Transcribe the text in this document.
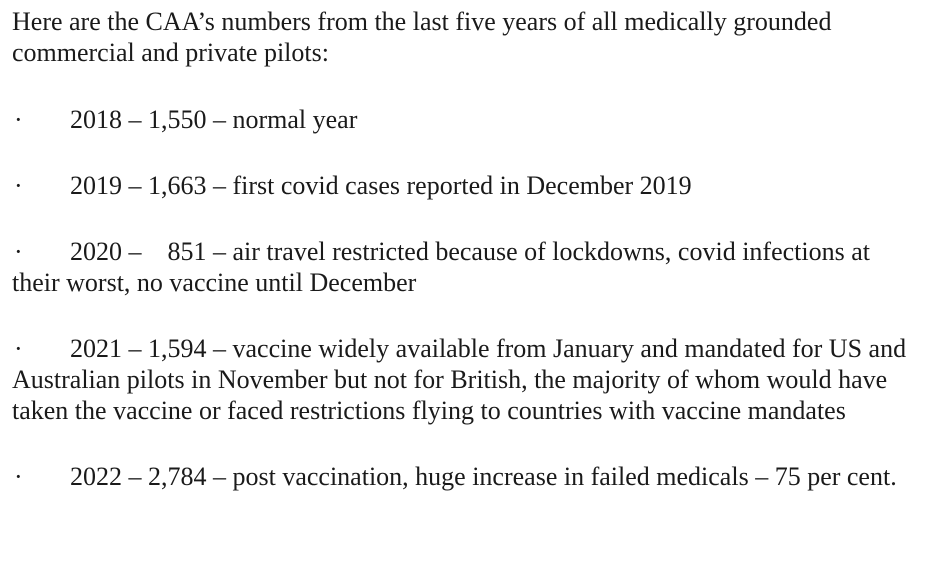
Here are the CAA’s numbers from the last five years of all medically grounded commercial and private pilots:

· 2018 – 1,550 – normal year

· 2019 – 1,663 – first covid cases reported in December 2019

· 2020 –    851 – air travel restricted because of lockdowns, covid infections at their worst, no vaccine until December

· 2021 – 1,594 – vaccine widely available from January and mandated for US and Australian pilots in November but not for British, the majority of whom would have taken the vaccine or faced restrictions flying to countries with vaccine mandates

· 2022 – 2,784 – post vaccination, huge increase in failed medicals – 75 per cent.
